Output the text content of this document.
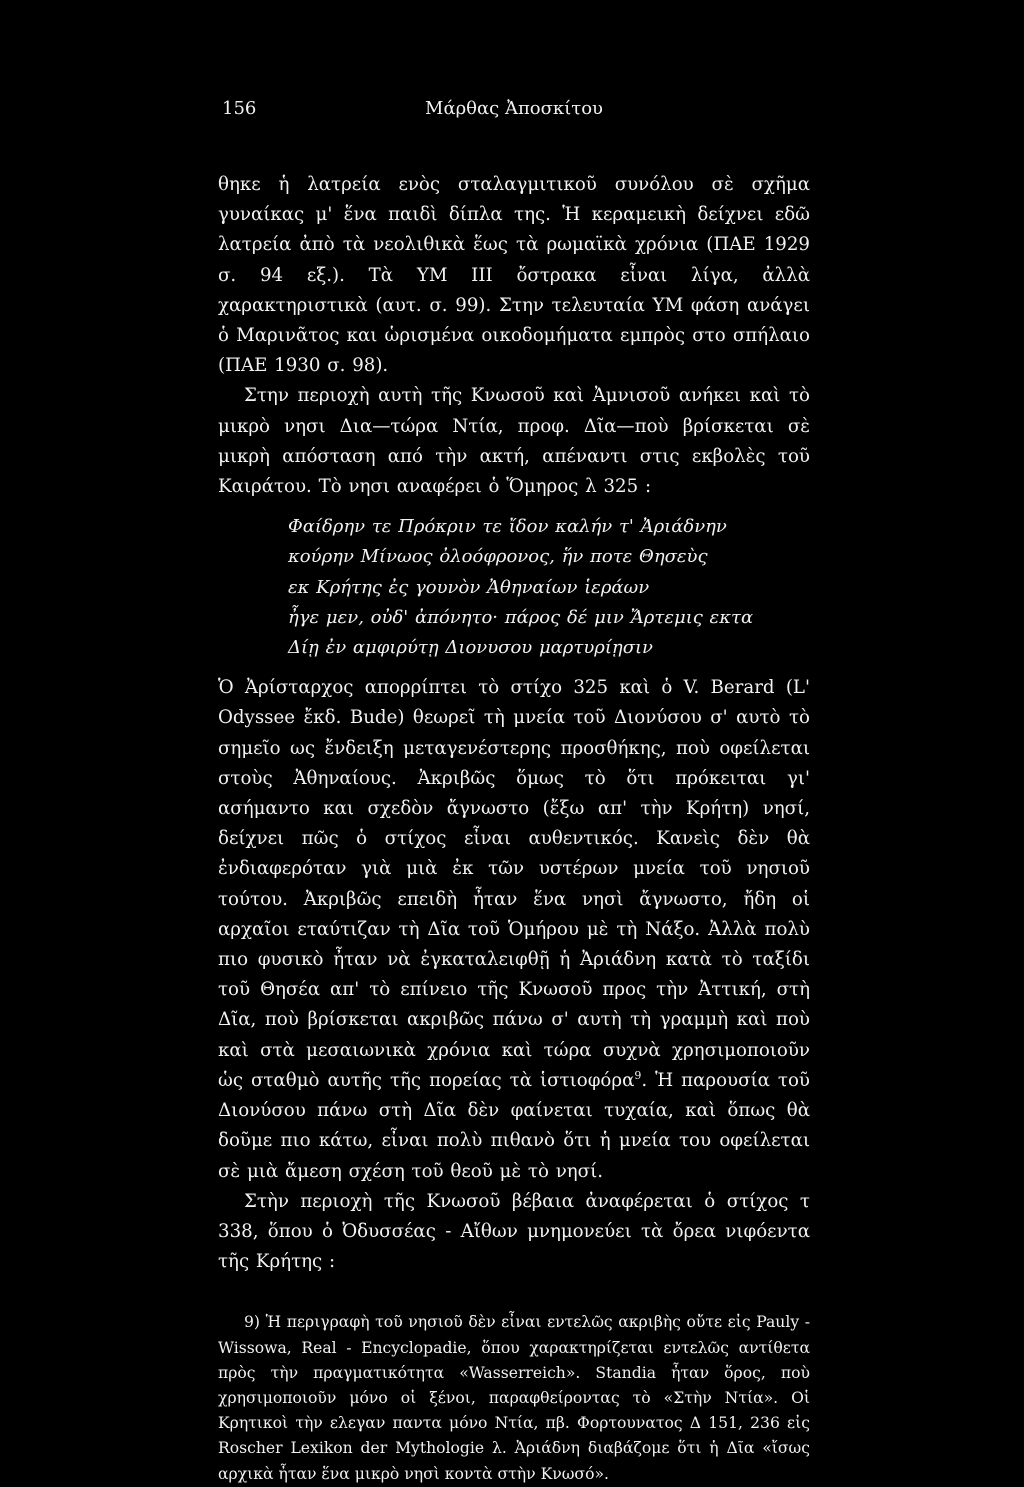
156	Μάρθας Ἀποσκίτου

θηκε ἡ λατρεία ενὸς σταλαγμιτικοῦ συνόλου σὲ σχῆμα γυναίκας μ' ἕνα παιδὶ δίπλα της. Ἡ κεραμεικὴ δείχνει εδῶ λατρεία ἀπὸ τὰ νεολιθικὰ ἕως τὰ ρωμαϊκὰ χρόνια (ΠΑΕ 1929 σ. 94 εξ.). Τὰ ΥΜ ΙΙΙ ὄστρακα εἶναι λίγα, ἀλλὰ χαρακτηριστικὰ (αυτ. σ. 99). Στην τελευταία ΥΜ φάση ανάγει ὁ Μαρινᾶτος και ὡρισμένα οικοδομήματα εμπρὸς στο σπήλαιο (ΠΑΕ 1930 σ. 98).

Στην περιοχὴ αυτὴ τῆς Κνωσοῦ καὶ Ἀμνισοῦ ανήκει καὶ τὸ μικρὸ νησι Δια—τώρα Ντία, προφ. Δῖα—ποὺ βρίσκεται σὲ μικρὴ απόσταση από τὴν ακτή, απέναντι στις εκβολὲς τοῦ Καιράτου. Τὸ νησι αναφέρει ὁ Ὅμηρος λ 325 :

Φαίδρην τε Πρόκριν τε ἴδον καλήν τ' Ἀριάδνην
κούρην Μίνωος ὀλοόφρονος, ἥν ποτε Θησεὺς
εκ Κρήτης ἐς γουνὸν Ἀθηναίων ἱεράων
ἦγε μεν, οὐδ' ἀπόνητο· πάρος δέ μιν Ἄρτεμις εκτα
Δίῃ ἐν αμφιρύτῃ Διονυσου μαρτυρίῃσιν

Ὁ Ἀρίσταρχος απορρίπτει τὸ στίχο 325 καὶ ὁ V. Berard (L' Odyssee ἔκδ. Bude) θεωρεῖ τὴ μνεία τοῦ Διονύσου σ' αυτὸ τὸ σημεῖο ως ἔνδειξη μεταγενέστερης προσθήκης, ποὺ οφείλεται στοὺς Ἀθηναίους. Ἀκριβῶς ὅμως τὸ ὅτι πρόκειται γι' ασήμαντο και σχεδὸν ἄγνωστο (ἔξω απ' τὴν Κρήτη) νησί, δείχνει πῶς ὁ στίχος εἶναι αυθεντικός. Κανεὶς δὲν θὰ ἐνδιαφερόταν γιὰ μιὰ ἐκ τῶν υστέρων μνεία τοῦ νησιοῦ τούτου. Ἀκριβῶς επειδὴ ἦταν ἕνα νησὶ ἄγνωστο, ἤδη οἱ αρχαῖοι εταύτιζαν τὴ Δῖα τοῦ Ὁμήρου μὲ τὴ Νάξο. Ἀλλὰ πολὺ πιο φυσικὸ ἦταν νὰ ἐγκαταλειφθῇ ἡ Ἀριάδνη κατὰ τὸ ταξίδι τοῦ Θησέα απ' τὸ επίνειο τῆς Κνωσοῦ προς τὴν Ἀττική, στὴ Δῖα, ποὺ βρίσκεται ακριβῶς πάνω σ' αυτὴ τὴ γραμμὴ καὶ ποὺ καὶ στὰ μεσαιωνικὰ χρόνια καὶ τώρα συχνὰ χρησιμοποιοῦν ὡς σταθμὸ αυτῆς τῆς πορείας τὰ ἱστιοφόρα$^9$. Ἡ παρουσία τοῦ Διονύσου πάνω στὴ Δῖα δὲν φαίνεται τυχαία, καὶ ὅπως θὰ δοῦμε πιο κάτω, εἶναι πολὺ πιθανὸ ὅτι ἡ μνεία του οφείλεται σὲ μιὰ ἄμεση σχέση τοῦ θεοῦ μὲ τὸ νησί.

Στὴν περιοχὴ τῆς Κνωσοῦ βέβαια ἀναφέρεται ὁ στίχος τ 338, ὅπου ὁ Ὀδυσσέας - Αἴθων μνημονεύει τὰ ὄρεα νιφόεντα τῆς Κρήτης :

9) Ἡ περιγραφὴ τοῦ νησιοῦ δὲν εἶναι εντελῶς ακριβὴς οὔτε εἰς Pauly - Wissowa, Real - Encyclopadie, ὅπου χαρακτηρίζεται εντελῶς αντίθετα πρὸς τὴν πραγματικότητα «Wasserreich». Standia ἦταν ὅρος, ποὺ χρησιμοποιοῦν μόνο οἱ ξένοι, παραφθείροντας τὸ «Στὴν Ντία». Οἱ Κρητικοὶ τὴν ελεγαν παντα μόνο Ντία, πβ. Φορτουνατος Δ 151, 236 εἰς Roscher Lexikon der Mythologie λ. Ἀριάδνη διαβάζομε ὅτι ἡ Δῖα «ἴσως αρχικὰ ἦταν ἕνα μικρὸ νησὶ κοντὰ στὴν Κνωσό».
